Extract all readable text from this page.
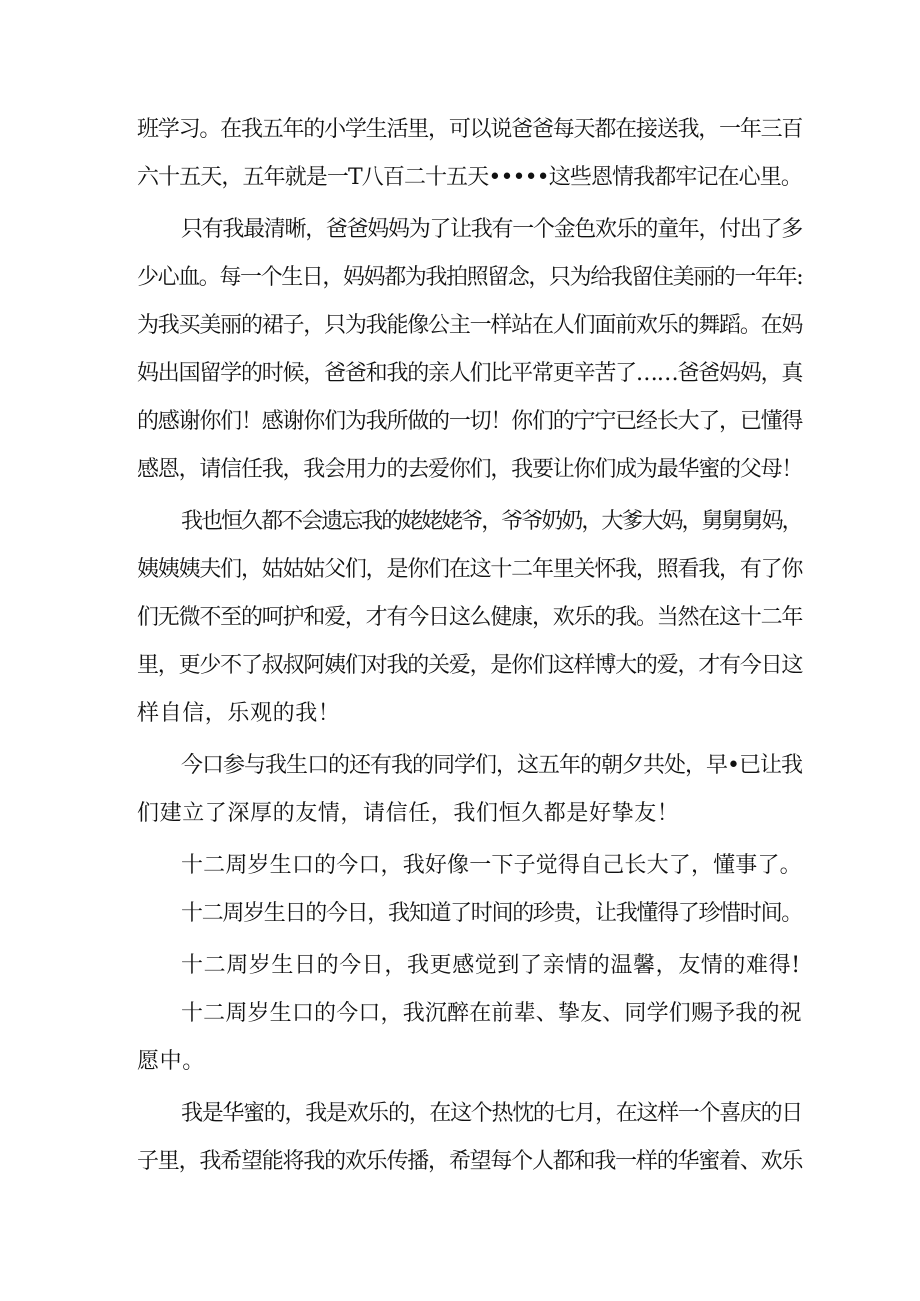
班学习。在我五年的小学生活里，可以说爸爸每天都在接送我，一年三百
六十五天，五年就是一T八百二十五天•••••这些恩情我都牢记在心里。
只有我最清晰，爸爸妈妈为了让我有一个金色欢乐的童年，付出了多
少心血。每一个生日，妈妈都为我拍照留念，只为给我留住美丽的一年年:
为我买美丽的裙子，只为我能像公主一样站在人们面前欢乐的舞蹈。在妈
妈出国留学的时候，爸爸和我的亲人们比平常更辛苦了……爸爸妈妈，真
的感谢你们！感谢你们为我所做的一切！你们的宁宁已经长大了，已懂得
感恩，请信任我，我会用力的去爱你们，我要让你们成为最华蜜的父母！
我也恒久都不会遗忘我的姥姥姥爷，爷爷奶奶，大爹大妈，舅舅舅妈，
姨姨姨夫们，姑姑姑父们，是你们在这十二年里关怀我，照看我，有了你
们无微不至的呵护和爱，才有今日这么健康，欢乐的我。当然在这十二年
里，更少不了叔叔阿姨们对我的关爱，是你们这样博大的爱，才有今日这
样自信，乐观的我！
今口参与我生口的还有我的同学们，这五年的朝夕共处，早•已让我
们建立了深厚的友情，请信任，我们恒久都是好挚友！
十二周岁生口的今口，我好像一下子觉得自己长大了，懂事了。
十二周岁生日的今日，我知道了时间的珍贵，让我懂得了珍惜时间。
十二周岁生日的今日，我更感觉到了亲情的温馨，友情的难得!
十二周岁生口的今口，我沉醉在前辈、挚友、同学们赐予我的祝
愿中。
我是华蜜的，我是欢乐的，在这个热忱的七月，在这样一个喜庆的日
子里，我希望能将我的欢乐传播，希望每个人都和我一样的华蜜着、欢乐
